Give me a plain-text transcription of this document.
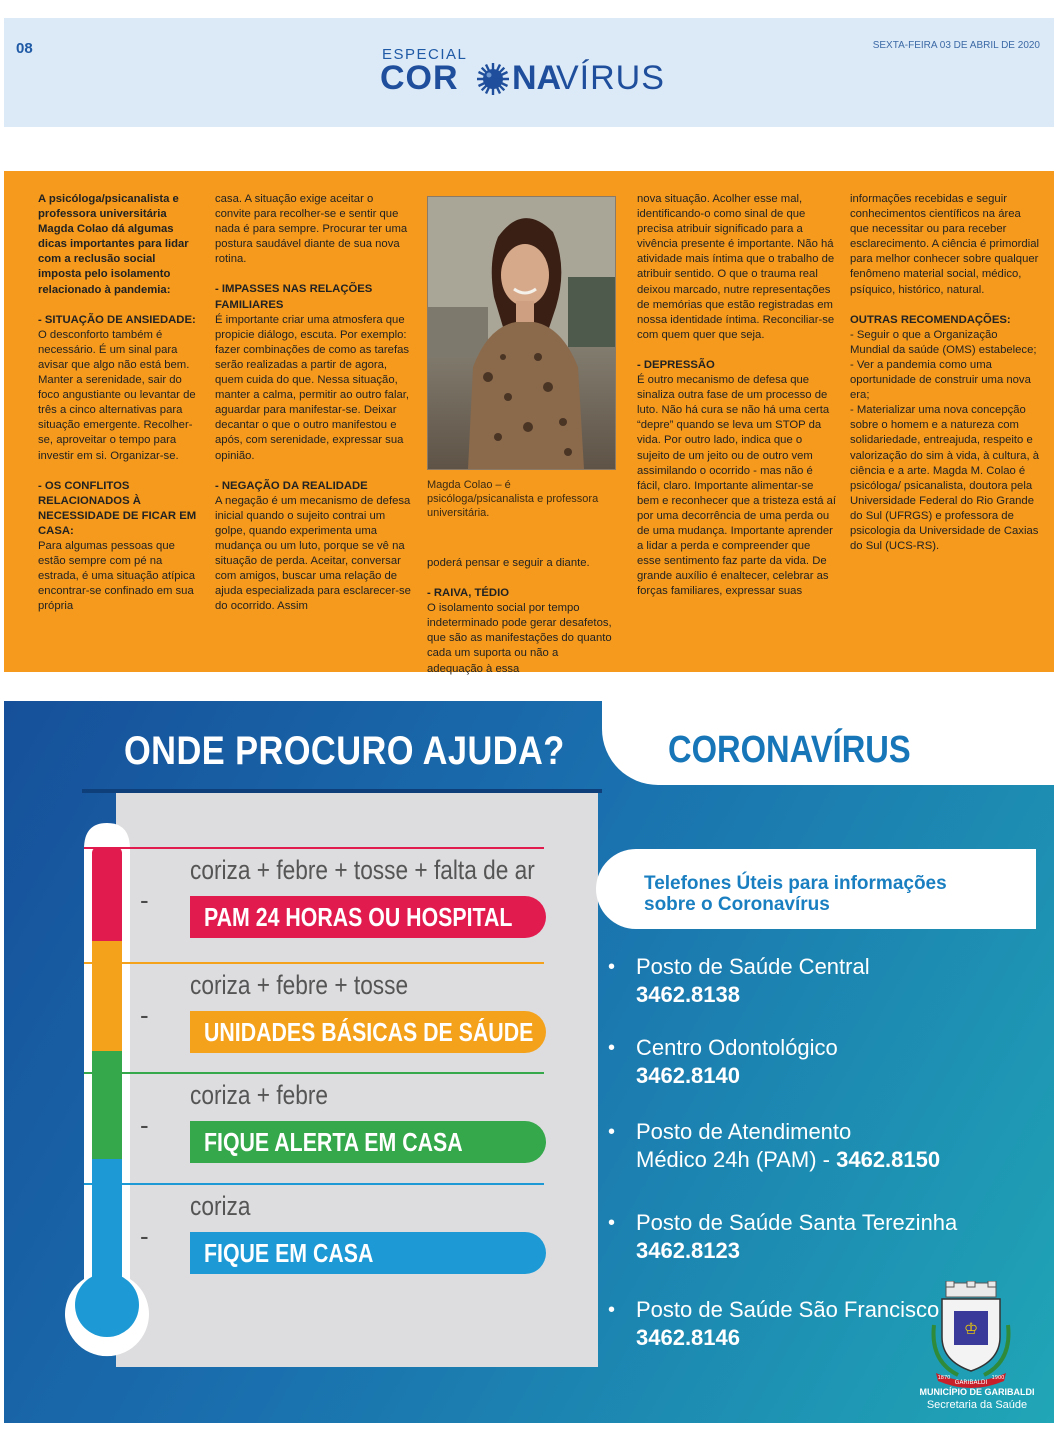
08	SEXTA-FEIRA 03 DE ABRIL DE 2020
ESPECIAL
COR NA
VÍRUS

A psicóloga/psicanalista e professora universitária Magda Colao dá algumas dicas importantes para lidar com a reclusão social imposta pelo isolamento relacionado à pandemia:

- SITUAÇÃO DE ANSIEDADE:

O desconforto também é necessário. É um sinal para avisar que algo não está bem. Manter a serenidade, sair do foco angustiante ou levantar de três a cinco alternativas para situação emergente. Recolher-se, aproveitar o tempo para investir em si. Organizar-se.

- OS CONFLITOS RELACIONADOS À NECESSIDADE DE FICAR EM CASA:

Para algumas pessoas que estão sempre com pé na estrada, é uma situação atípica encontrar-se confinado em sua própria

casa. A situação exige aceitar o convite para recolher-se e sentir que nada é para sempre. Procurar ter uma postura saudável diante de sua nova rotina.

- IMPASSES NAS RELAÇÕES FAMILIARES

É importante criar uma atmosfera que propicie diálogo, escuta. Por exemplo: fazer combinações de como as tarefas serão realizadas a partir de agora, quem cuida do que. Nessa situação, manter a calma, permitir ao outro falar, aguardar para manifestar-se. Deixar decantar o que o outro manifestou e após, com serenidade, expressar sua opinião.

- NEGAÇÃO DA REALIDADE

A negação é um mecanismo de defesa inicial quando o sujeito contrai um golpe, quando experimenta uma mudança ou um luto, porque se vê na situação de perda. Aceitar, conversar com amigos, buscar uma relação de ajuda especializada para esclarecer-se do ocorrido. Assim

Magda Colao – é psicóloga/psicanalista e professora universitária.

poderá pensar e seguir a diante.

- RAIVA, TÉDIO

O isolamento social por tempo indeterminado pode gerar desafetos, que são as manifestações do quanto cada um suporta ou não a adequação à essa

nova situação. Acolher esse mal, identificando-o como sinal de que precisa atribuir significado para a vivência presente é importante. Não há atividade mais íntima que o trabalho de atribuir sentido. O que o trauma real deixou marcado, nutre representações de memórias que estão registradas em nossa identidade íntima. Reconciliar-se com quem quer que seja.

- DEPRESSÃO

É outro mecanismo de defesa que sinaliza outra fase de um processo de luto. Não há cura se não há uma certa “depre” quando se leva um STOP da vida. Por outro lado, indica que o sujeito de um jeito ou de outro vem assimilando o ocorrido - mas não é fácil, claro. Importante alimentar-se bem e reconhecer que a tristeza está aí por uma decorrência de uma perda ou de uma mudança. Importante aprender a lidar a perda e compreender que esse sentimento faz parte da vida. De grande auxílio é enaltecer, celebrar as forças familiares, expressar suas

informações recebidas e seguir conhecimentos científicos na área que necessitar ou para receber esclarecimento. A ciência é primordial para melhor conhecer sobre qualquer fenômeno material social, médico, psíquico, histórico, natural.

OUTRAS RECOMENDAÇÕES:

- Seguir o que a Organização Mundial da saúde (OMS) estabelece;

- Ver a pandemia como uma oportunidade de construir uma nova era;

- Materializar uma nova concepção sobre o homem e a natureza com solidariedade, entreajuda, respeito e valorização do sim à vida, à cultura, à ciência e a arte. Magda M. Colao é psicóloga/ psicanalista, doutora pela Universidade Federal do Rio Grande do Sul (UFRGS) e professora de psicologia da Universidade de Caxias do Sul (UCS-RS).

ONDE PROCURO AJUDA?	CORONAVÍRUS
Telefones Úteis para informações
sobre o Coronavírus
• Posto de Saúde Central
3462.8138
• Centro Odontológico
3462.8140
• Posto de Atendimento
Médico 24h (PAM) - 3462.8150
• Posto de Saúde Santa Terezinha
3462.8123
• Posto de Saúde São Francisco
3462.8146	♔
GARIBALDI
1870	1900
MUNICÍPIO DE GARIBALDI
Secretaria da Saúde
-
coriza + febre + tosse + falta de ar
PAM 24 HORAS OU HOSPITAL
-
coriza + febre + tosse
UNIDADES BÁSICAS DE SÁUDE
-
coriza + febre
FIQUE ALERTA EM CASA
-
coriza
FIQUE EM CASA
